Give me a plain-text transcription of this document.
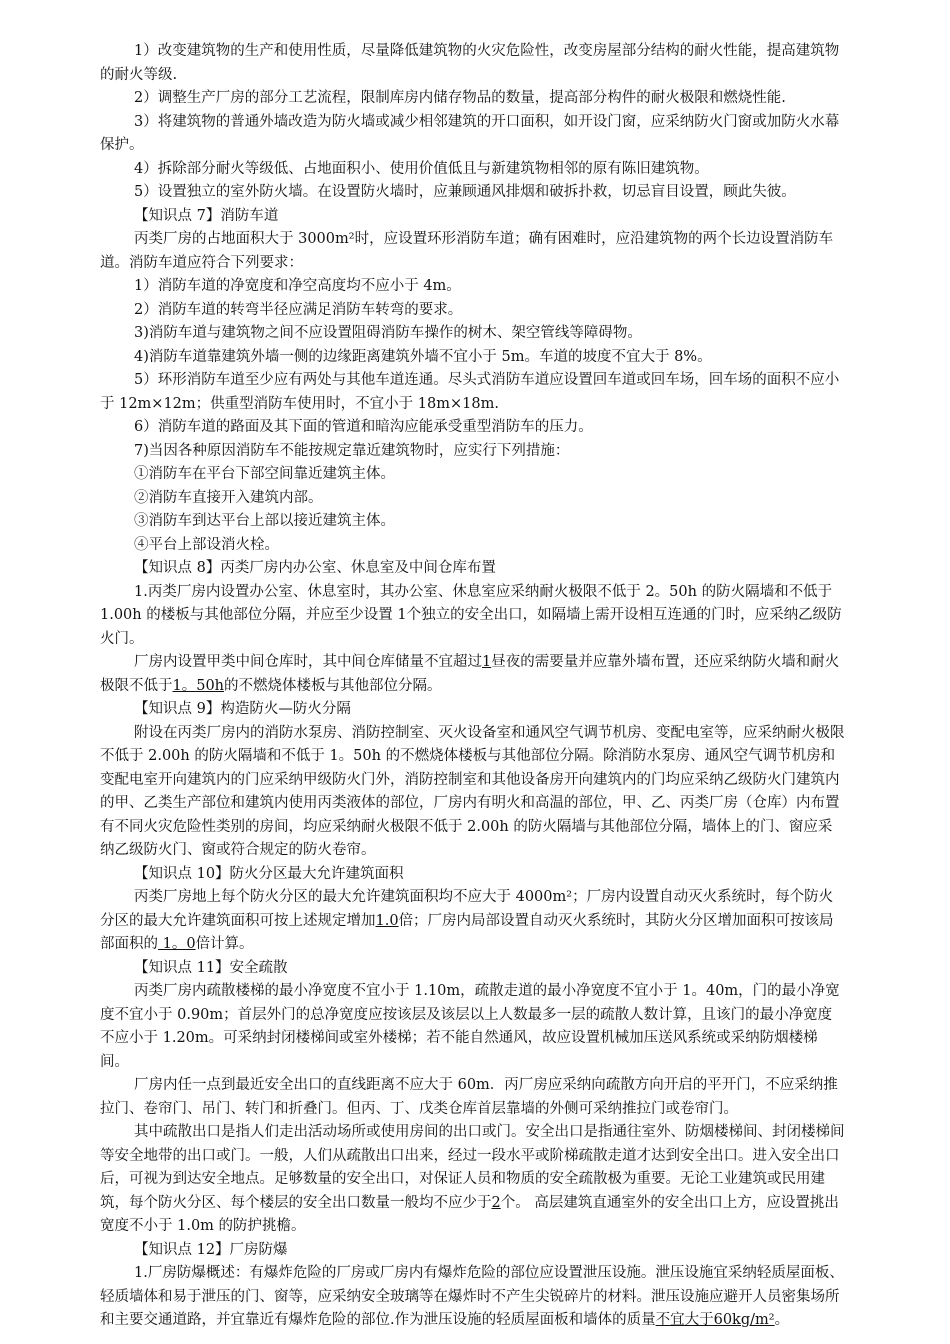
1）改变建筑物的生产和使用性质，尽量降低建筑物的火灾危险性，改变房屋部分结构的耐火性能，提高建筑物的耐火等级.

2）调整生产厂房的部分工艺流程，限制库房内储存物品的数量，提高部分构件的耐火极限和燃烧性能.

3）将建筑物的普通外墙改造为防火墙或减少相邻建筑的开口面积，如开设门窗，应采纳防火门窗或加防火水幕保护。

4）拆除部分耐火等级低、占地面积小、使用价值低且与新建筑物相邻的原有陈旧建筑物。

5）设置独立的室外防火墙。在设置防火墙时，应兼顾通风排烟和破拆扑救，切忌盲目设置，顾此失彼。

【知识点 7】消防车道

丙类厂房的占地面积大于 3000m²时，应设置环形消防车道；确有困难时，应沿建筑物的两个长边设置消防车道。消防车道应符合下列要求：

1）消防车道的净宽度和净空高度均不应小于 4m。

2）消防车道的转弯半径应满足消防车转弯的要求。

3)消防车道与建筑物之间不应设置阻碍消防车操作的树木、架空管线等障碍物。

4)消防车道靠建筑外墙一侧的边缘距离建筑外墙不宜小于 5m。车道的坡度不宜大于 8%。

5）环形消防车道至少应有两处与其他车道连通。尽头式消防车道应设置回车道或回车场，回车场的面积不应小于 12m×12m；供重型消防车使用时，不宜小于 18m×18m.

6）消防车道的路面及其下面的管道和暗沟应能承受重型消防车的压力。

7)当因各种原因消防车不能按规定靠近建筑物时，应实行下列措施：

①消防车在平台下部空间靠近建筑主体。

②消防车直接开入建筑内部。

③消防车到达平台上部以接近建筑主体。

④平台上部设消火栓。

【知识点 8】丙类厂房内办公室、休息室及中间仓库布置

1.丙类厂房内设置办公室、休息室时，其办公室、休息室应采纳耐火极限不低于 2。50h 的防火隔墙和不低于1.00h 的楼板与其他部位分隔，并应至少设置 1个独立的安全出口，如隔墙上需开设相互连通的门时，应采纳乙级防火门。

厂房内设置甲类中间仓库时，其中间仓库储量不宜超过1昼夜的需要量并应靠外墙布置，还应采纳防火墙和耐火极限不低于1。50h的不燃烧体楼板与其他部位分隔。

【知识点 9】构造防火—防火分隔

附设在丙类厂房内的消防水泵房、消防控制室、灭火设备室和通风空气调节机房、变配电室等，应采纳耐火极限不低于 2.00h 的防火隔墙和不低于 1。50h 的不燃烧体楼板与其他部位分隔。除消防水泵房、通风空气调节机房和变配电室开向建筑内的门应采纳甲级防火门外，消防控制室和其他设备房开向建筑内的门均应采纳乙级防火门建筑内的甲、乙类生产部位和建筑内使用丙类液体的部位，厂房内有明火和高温的部位，甲、乙、丙类厂房（仓库）内布置有不同火灾危险性类别的房间，均应采纳耐火极限不低于 2.00h 的防火隔墙与其他部位分隔，墙体上的门、窗应采纳乙级防火门、窗或符合规定的防火卷帘。

【知识点 10】防火分区最大允许建筑面积

丙类厂房地上每个防火分区的最大允许建筑面积均不应大于 4000m²；厂房内设置自动灭火系统时，每个防火分区的最大允许建筑面积可按上述规定增加1.0倍；厂房内局部设置自动灭火系统时，其防火分区增加面积可按该局部面积的 1。0倍计算。

【知识点 11】安全疏散

丙类厂房内疏散楼梯的最小净宽度不宜小于 1.10m，疏散走道的最小净宽度不宜小于 1。40m，门的最小净宽度不宜小于 0.90m；首层外门的总净宽度应按该层及该层以上人数最多一层的疏散人数计算，且该门的最小净宽度不应小于 1.20m。可采纳封闭楼梯间或室外楼梯；若不能自然通风，故应设置机械加压送风系统或采纳防烟楼梯间。

厂房内任一点到最近安全出口的直线距离不应大于 60m．丙厂房应采纳向疏散方向开启的平开门，不应采纳推拉门、卷帘门、吊门、转门和折叠门。但丙、丁、戊类仓库首层靠墙的外侧可采纳推拉门或卷帘门。

其中疏散出口是指人们走出活动场所或使用房间的出口或门。安全出口是指通往室外、防烟楼梯间、封闭楼梯间等安全地带的出口或门。一般，人们从疏散出口出来，经过一段水平或阶梯疏散走道才达到安全出口。进入安全出口后，可视为到达安全地点。足够数量的安全出口，对保证人员和物质的安全疏散极为重要。无论工业建筑或民用建筑，每个防火分区、每个楼层的安全出口数量一般均不应少于2个。 高层建筑直通室外的安全出口上方，应设置挑出宽度不小于 1.0m 的防护挑檐。

【知识点 12】厂房防爆

1.厂房防爆概述：有爆炸危险的厂房或厂房内有爆炸危险的部位应设置泄压设施。泄压设施宜采纳轻质屋面板、轻质墙体和易于泄压的门、窗等，应采纳安全玻璃等在爆炸时不产生尖锐碎片的材料。泄压设施应避开人员密集场所和主要交通道路，并宜靠近有爆炸危险的部位.作为泄压设施的轻质屋面板和墙体的质量不宜大于60kg/m²。
